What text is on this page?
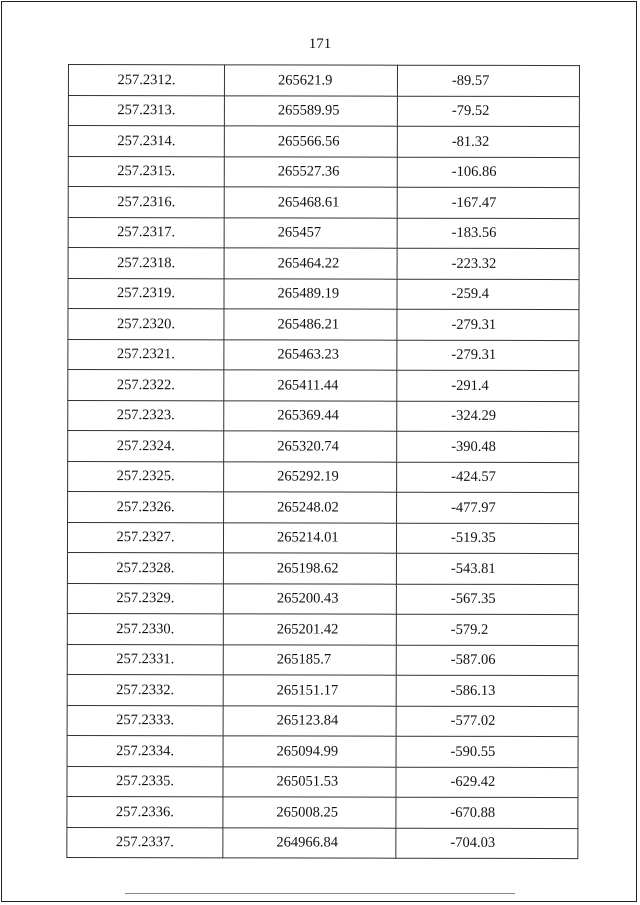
171
257.2312.	265621.9	-89.57
257.2313.	265589.95	-79.52
257.2314.	265566.56	-81.32
257.2315.	265527.36	-106.86
257.2316.	265468.61	-167.47
257.2317.	265457	-183.56
257.2318.	265464.22	-223.32
257.2319.	265489.19	-259.4
257.2320.	265486.21	-279.31
257.2321.	265463.23	-279.31
257.2322.	265411.44	-291.4
257.2323.	265369.44	-324.29
257.2324.	265320.74	-390.48
257.2325.	265292.19	-424.57
257.2326.	265248.02	-477.97
257.2327.	265214.01	-519.35
257.2328.	265198.62	-543.81
257.2329.	265200.43	-567.35
257.2330.	265201.42	-579.2
257.2331.	265185.7	-587.06
257.2332.	265151.17	-586.13
257.2333.	265123.84	-577.02
257.2334.	265094.99	-590.55
257.2335.	265051.53	-629.42
257.2336.	265008.25	-670.88
257.2337.	264966.84	-704.03
